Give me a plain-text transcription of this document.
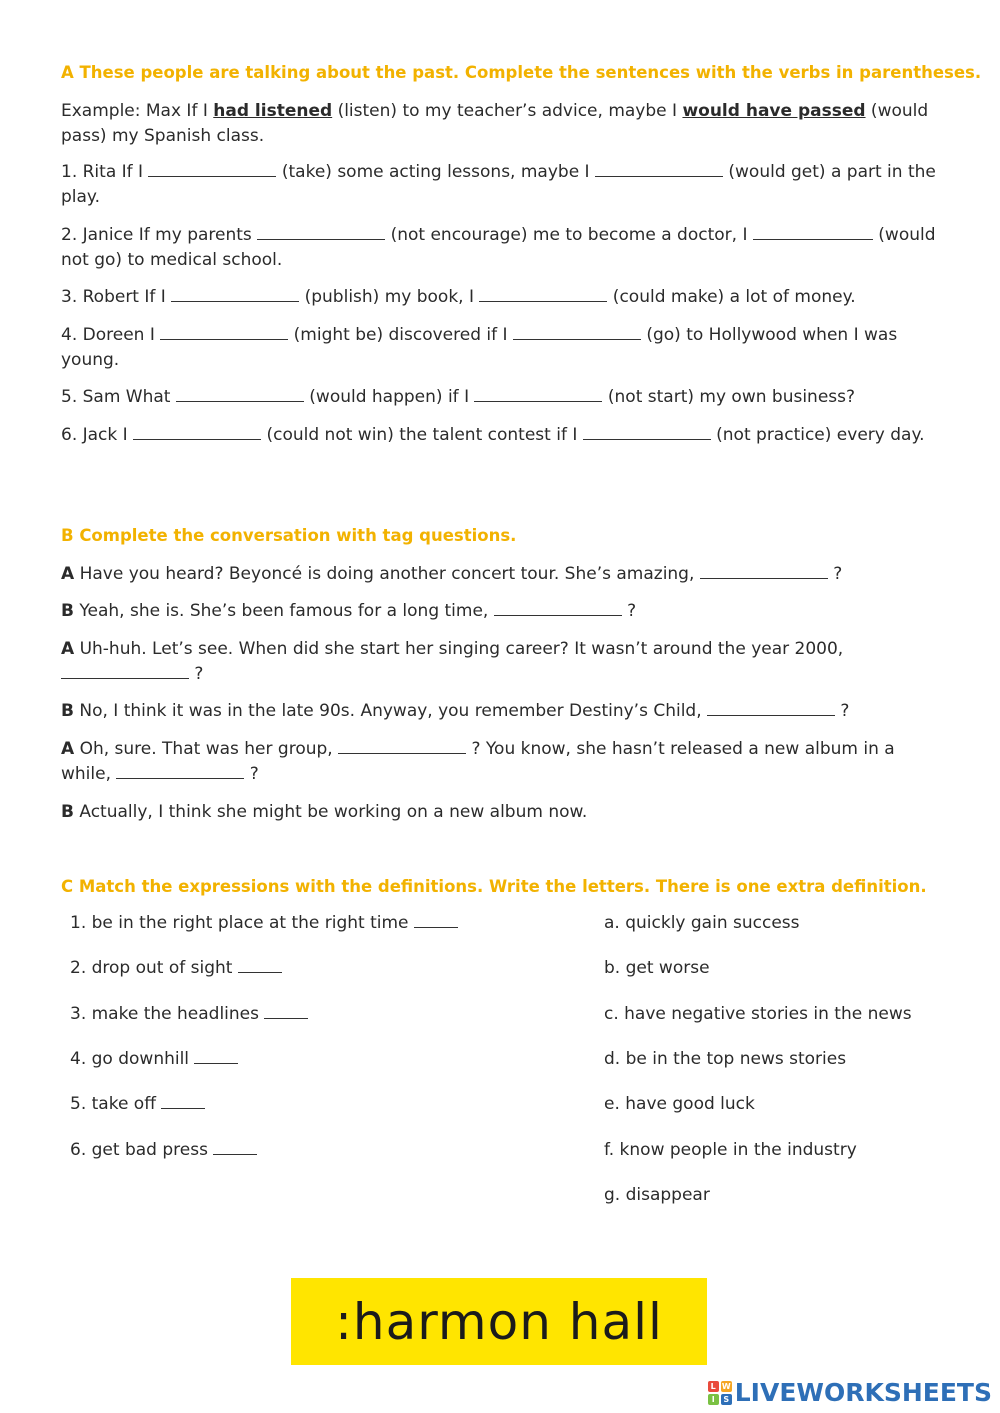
A These people are talking about the past. Complete the sentences with the verbs in parentheses.
Example: Max If I had listened (listen) to my teacher’s advice, maybe I would have passed (would pass) my Spanish class.
1. Rita If I	(take) some acting lessons, maybe I	(would get) a part in the play.
2. Janice If my parents	(not encourage) me to become a doctor, I	(would not go) to medical school.
3. Robert If I	(publish) my book, I	(could make) a lot of money.
4. Doreen I	(might be) discovered if I	(go) to Hollywood when I was young.
5. Sam What	(would happen) if I	(not start) my own business?
6. Jack I	(could not win) the talent contest if I	(not practice) every day.
B Complete the conversation with tag questions.
A Have you heard? Beyoncé is doing another concert tour. She’s amazing,	?
B Yeah, she is. She’s been famous for a long time,	?
A Uh-huh. Let’s see. When did she start her singing career? It wasn’t around the year 2000,  ?
B No, I think it was in the late 90s. Anyway, you remember Destiny’s Child,	?
A Oh, sure. That was her group,	? You know, she hasn’t released a new album in a while,	?
B Actually, I think she might be working on a new album now.
C Match the expressions with the definitions. Write the letters. There is one extra definition.
1. be in the right place at the right time
2. drop out of sight
3. make the headlines
4. go downhill
5. take off
6. get bad press
a. quickly gain success
b. get worse
c. have negative stories in the news
d. be in the top news stories
e. have good luck
f. know people in the industry
g. disappear
:harmon hall
L W
I	S LIVEWORKSHEETS
